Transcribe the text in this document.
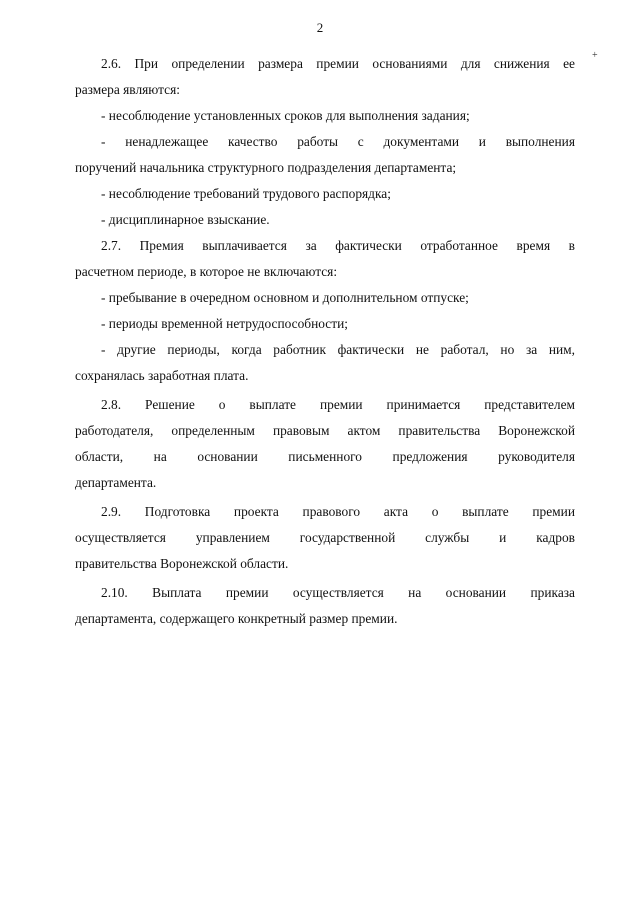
2
+
2.6. При определении размера премии основаниями для снижения ее
размера являются:
- несоблюдение установленных сроков для выполнения задания;
- ненадлежащее качество работы с документами и выполнения
поручений начальника структурного подразделения департамента;
- несоблюдение требований трудового распорядка;
- дисциплинарное взыскание.
2.7. Премия выплачивается за фактически отработанное время в
расчетном периоде, в которое не включаются:
- пребывание в очередном основном и дополнительном отпуске;
- периоды временной нетрудоспособности;
- другие периоды, когда работник фактически не работал, но за ним,
сохранялась заработная плата.
2.8. Решение о выплате премии принимается представителем
работодателя, определенным правовым актом правительства Воронежской
области, на основании письменного предложения руководителя
департамента.
2.9. Подготовка проекта правового акта о выплате премии
осуществляется управлением государственной службы и кадров
правительства Воронежской области.
2.10. Выплата премии осуществляется на основании приказа
департамента, содержащего конкретный размер премии.
